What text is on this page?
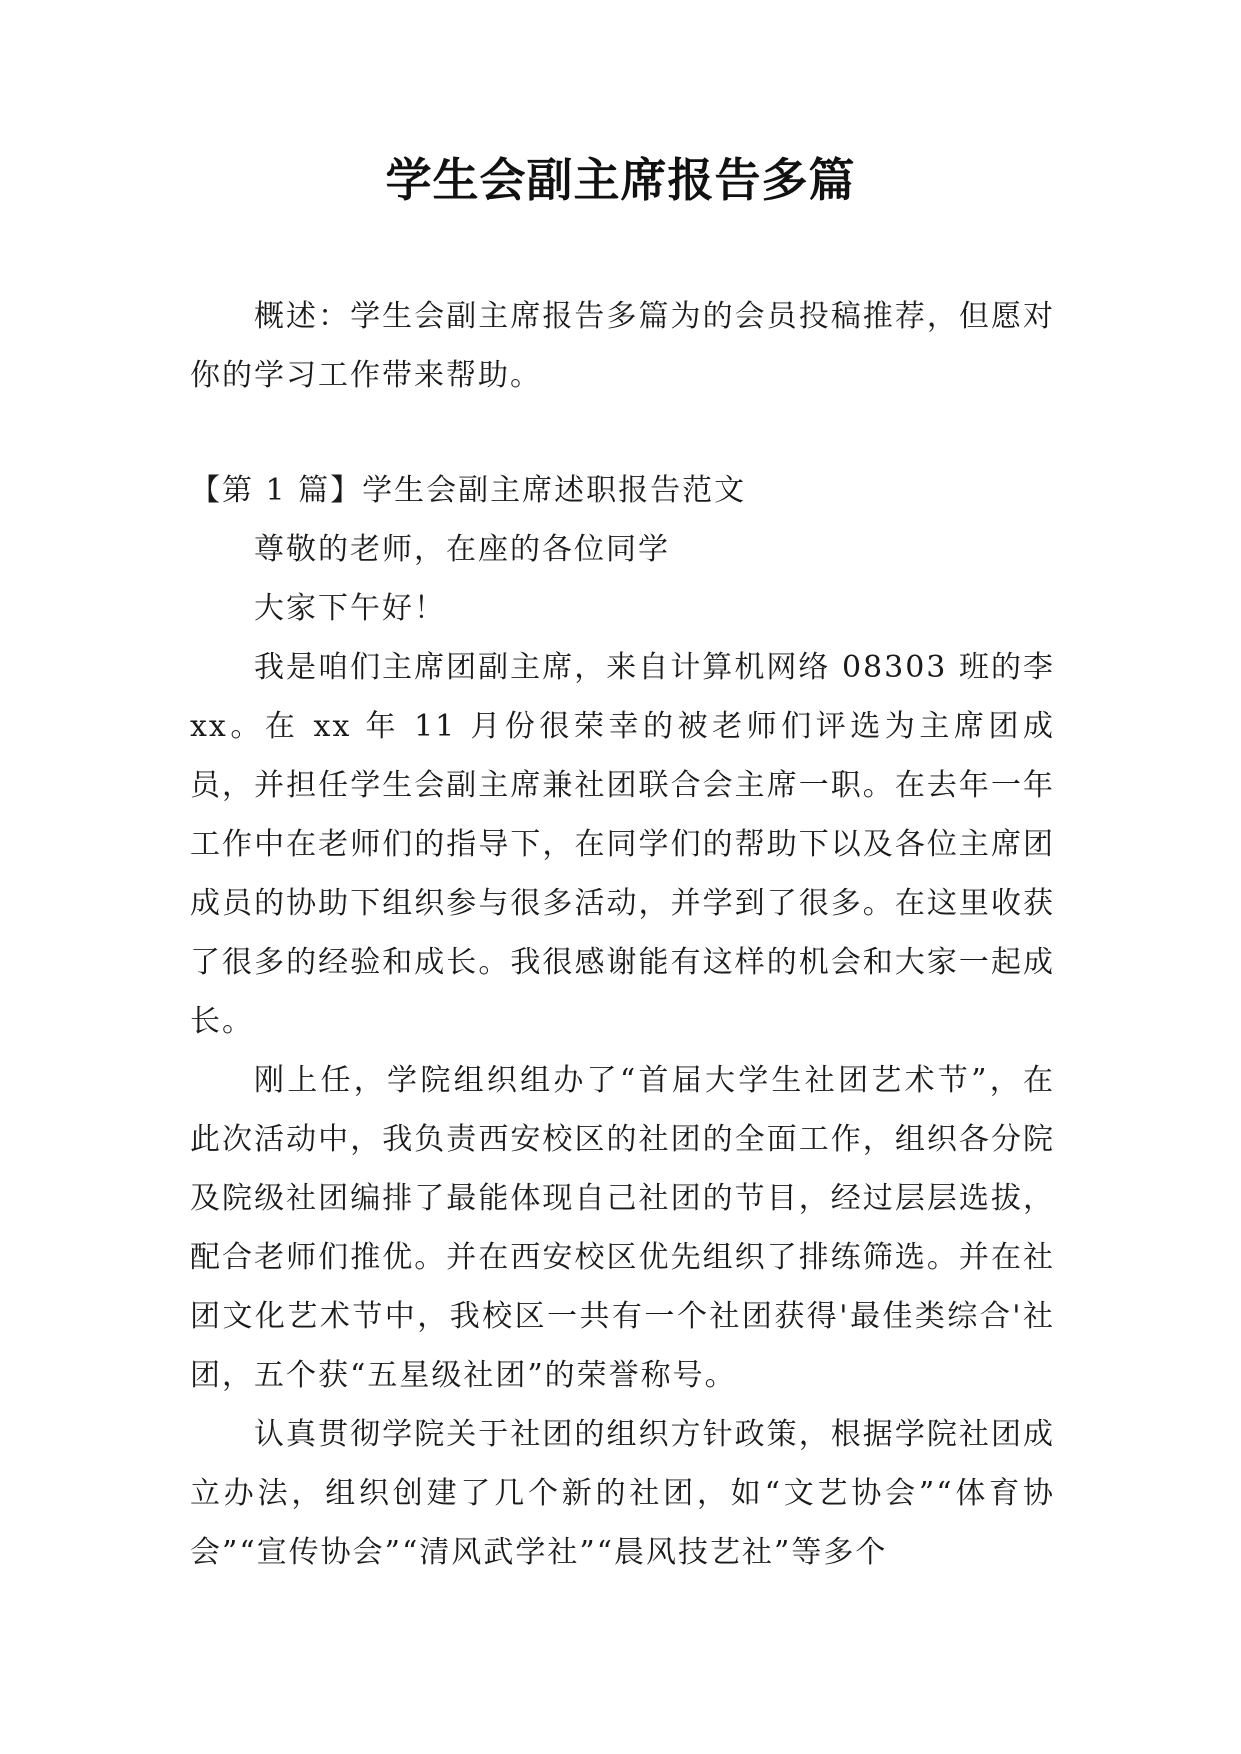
学生会副主席报告多篇

概述：学生会副主席报告多篇为的会员投稿推荐，但愿对你的学习工作带来帮助。

【第 1 篇】学生会副主席述职报告范文

尊敬的老师，在座的各位同学

大家下午好！

我是咱们主席团副主席，来自计算机网络 08303 班的李 xx。在 xx 年 11 月份很荣幸的被老师们评选为主席团成员，并担任学生会副主席兼社团联合会主席一职。在去年一年工作中在老师们的指导下，在同学们的帮助下以及各位主席团成员的协助下组织参与很多活动，并学到了很多。在这里收获了很多的经验和成长。我很感谢能有这样的机会和大家一起成长。

刚上任，学院组织组办了“首届大学生社团艺术节”，在此次活动中，我负责西安校区的社团的全面工作，组织各分院及院级社团编排了最能体现自己社团的节目，经过层层选拔，配合老师们推优。并在西安校区优先组织了排练筛选。并在社团文化艺术节中，我校区一共有一个社团获得'最佳类综合'社团，五个获“五星级社团”的荣誉称号。

认真贯彻学院关于社团的组织方针政策，根据学院社团成立办法，组织创建了几个新的社团，如“文艺协会”“体育协会”“宣传协会”“清风武学社”“晨风技艺社”等多个
